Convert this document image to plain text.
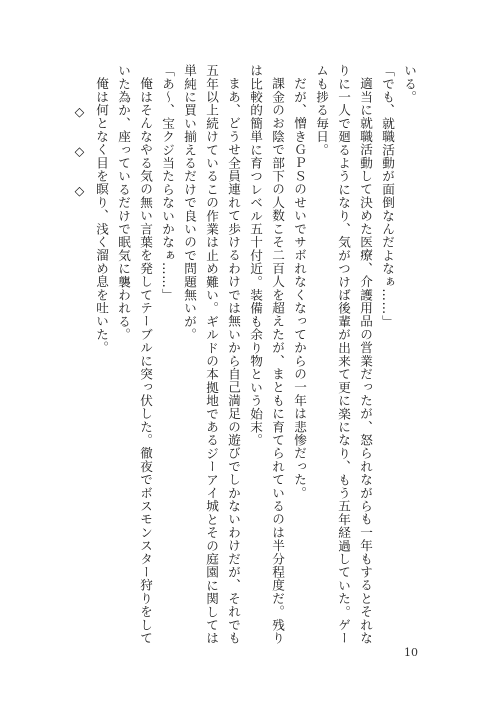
いる。

「でも、就職活動が面倒なんだよなぁ……」

適当に就職活動して決めた医療、介護用品の営業だったが、怒られながらも一年もするとそれな

りに一人で廻るようになり、気がつけば後輩が出来て更に楽になり、もう五年経過していた。ゲー

ムも捗る毎日。

だが、憎きＧＰＳのせいでサボれなくなってからの一年は悲惨だった。

課金のお陰で部下の人数こそ二百人を超えたが、まともに育てられているのは半分程度だ。残り

は比較的簡単に育つレベル五十付近。装備も余り物という始末。

まあ、どうせ全員連れて歩けるわけでは無いから自己満足の遊びでしかないわけだが、それでも

五年以上続けているこの作業は止め難い。ギルドの本拠地であるジーアイ城とその庭園に関しては

単純に買い揃えるだけで良いので問題無いが。

「あ〜、宝クジ当たらないかなぁ……」

俺はそんなやる気の無い言葉を発してテーブルに突っ伏した。徹夜でボスモンスター狩りをして

いた為か、座っているだけで眠気に襲われる。

俺は何となく目を瞑り、浅く溜め息を吐いた。

◇　◇　◇

10
